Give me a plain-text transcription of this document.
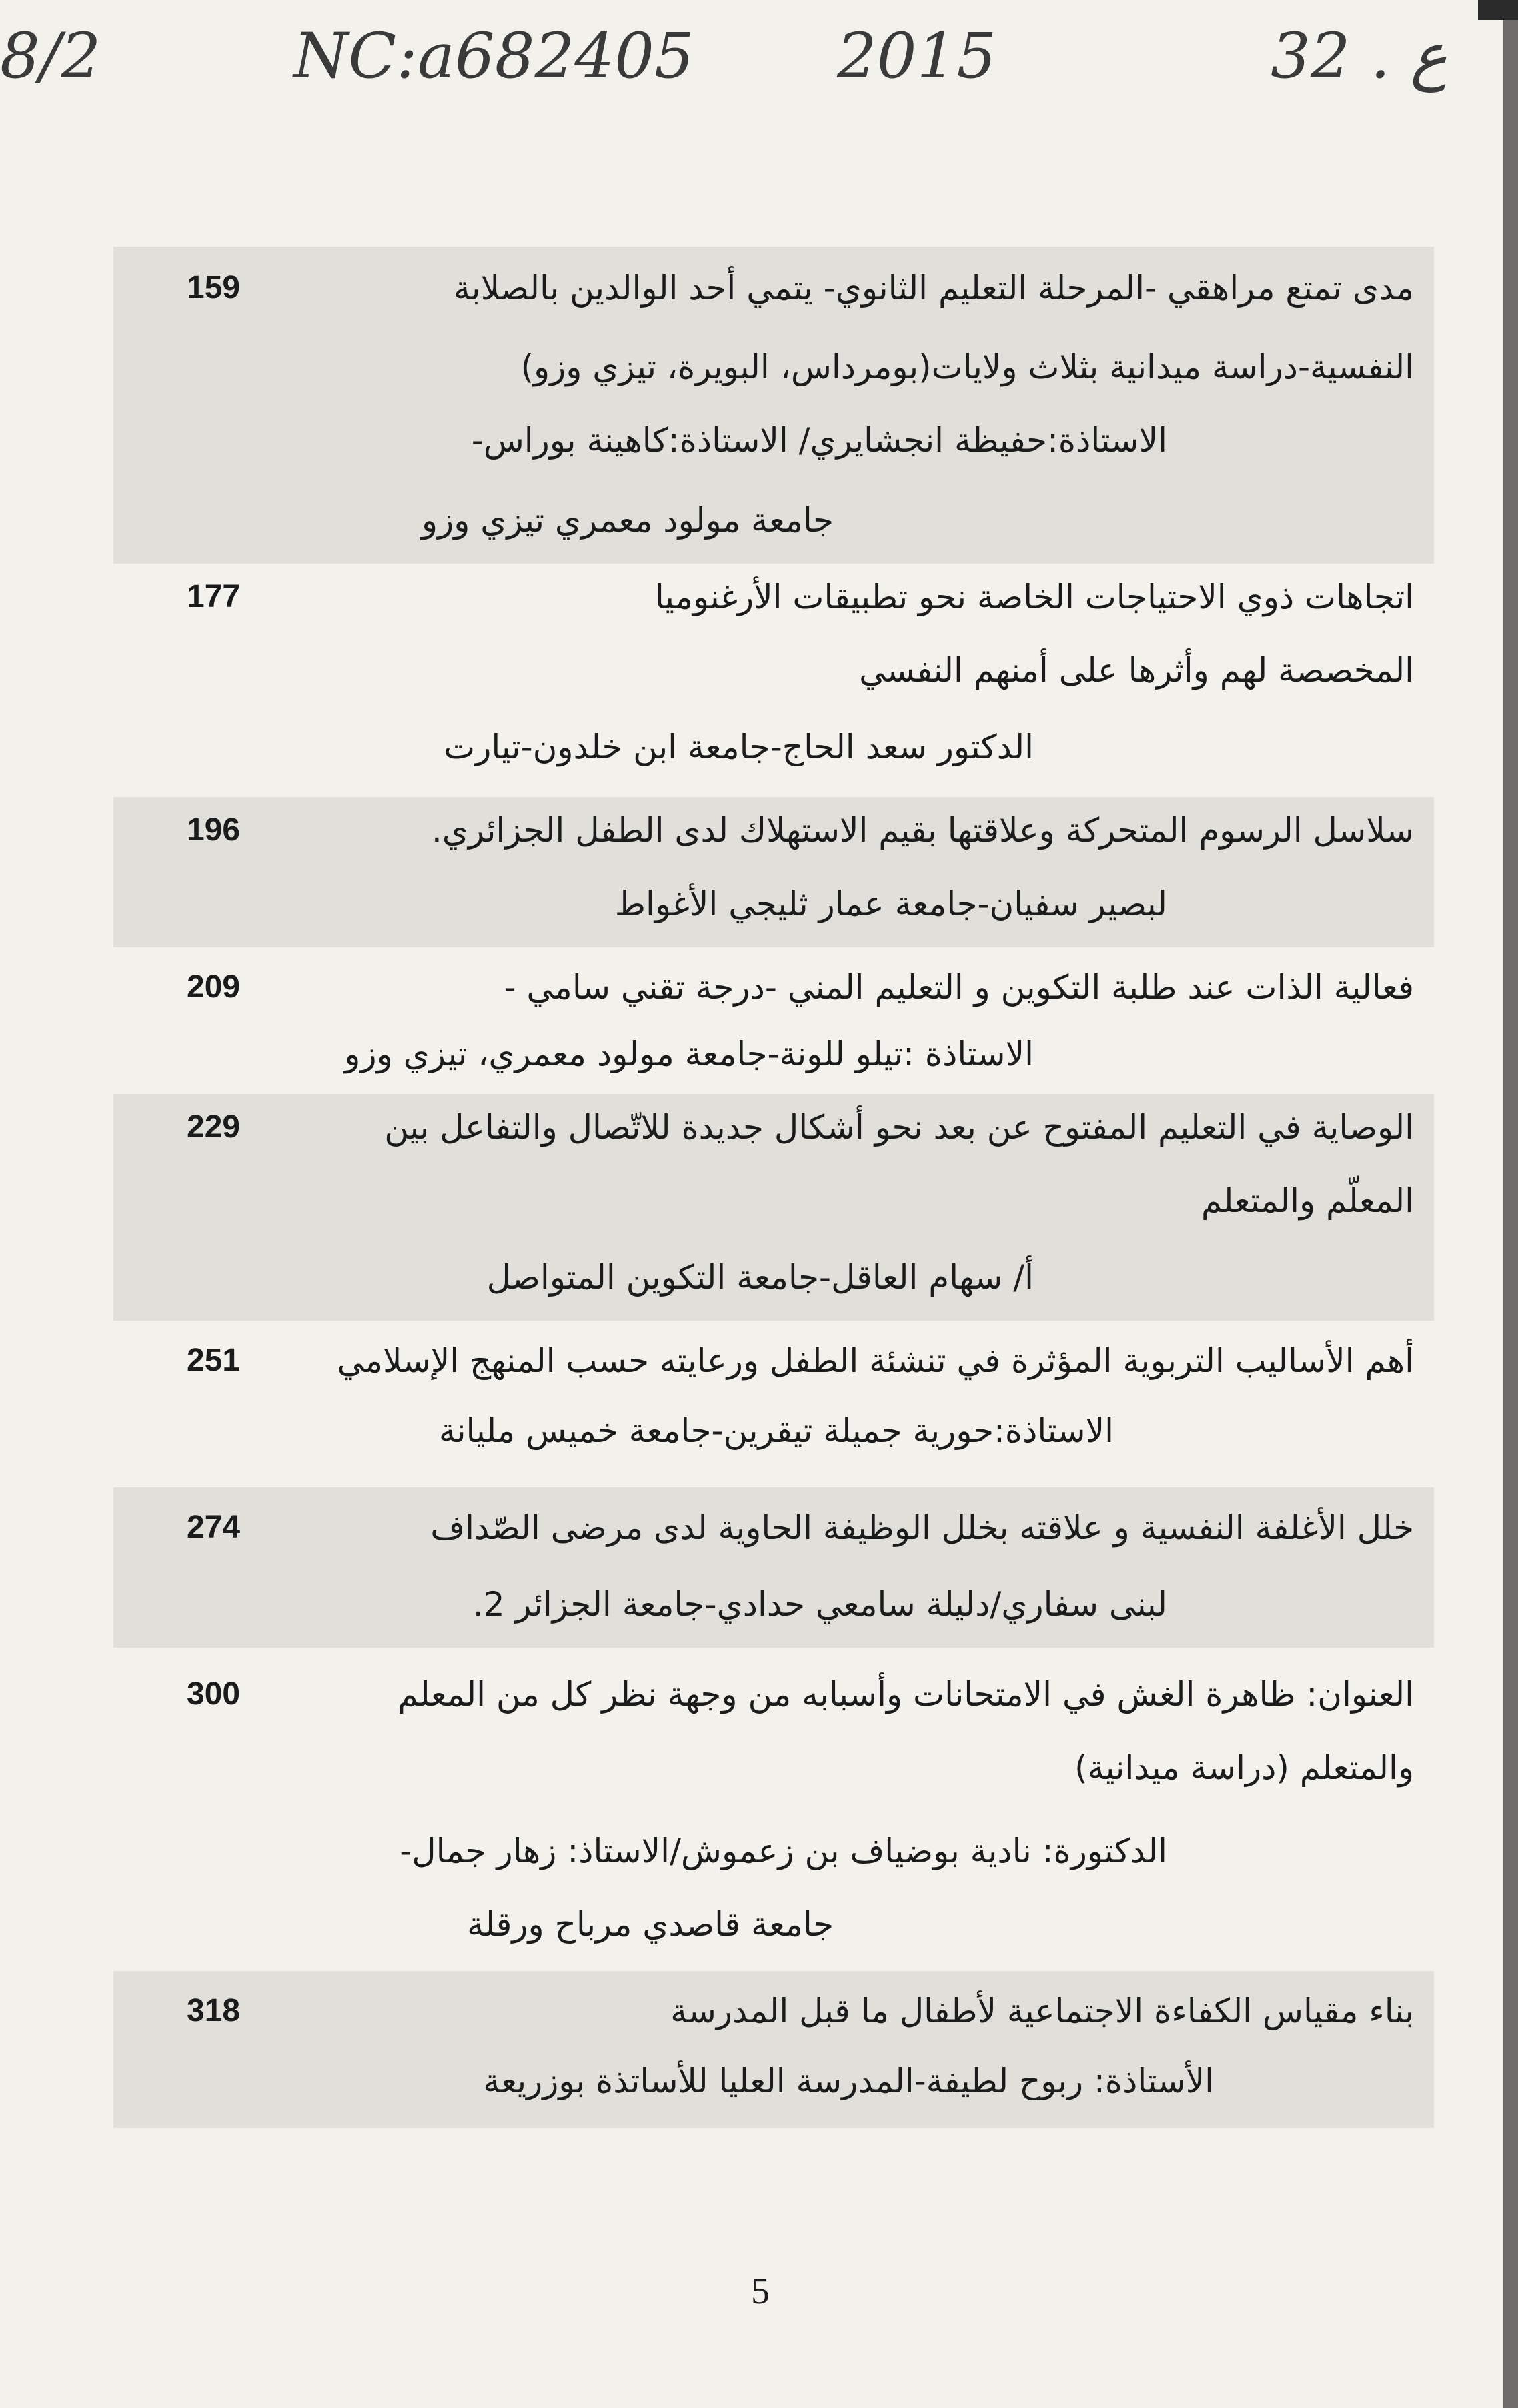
8/2	NC:a682405 2015	32 . ع
159	مدى تمتع مراهقي -المرحلة التعليم الثانوي- يتمي أحد الوالدين بالصلابة
النفسية-دراسة ميدانية بثلاث ولايات(بومرداس، البويرة، تيزي وزو)
الاستاذة:حفيظة انجشايري/ الاستاذة:كاهينة بوراس-
جامعة مولود معمري تيزي وزو
177	اتجاهات ذوي الاحتياجات الخاصة نحو تطبيقات الأرغنوميا
المخصصة لهم وأثرها على أمنهم النفسي
الدكتور سعد الحاج-جامعة ابن خلدون-تيارت
196	سلاسل الرسوم المتحركة وعلاقتها بقيم الاستهلاك لدى الطفل الجزائري.
لبصير سفيان-جامعة عمار ثليجي الأغواط
209	فعالية الذات عند طلبة التكوين و التعليم المني -درجة تقني سامي -
الاستاذة :تيلو للونة-جامعة مولود معمري، تيزي وزو
229	الوصاية في التعليم المفتوح عن بعد نحو أشكال جديدة للاتّصال والتفاعل بين
المعلّم والمتعلم
أ/ سهام العاقل-جامعة التكوين المتواصل
251	أهم الأساليب التربوية المؤثرة في تنشئة الطفل ورعايته حسب المنهج الإسلامي
الاستاذة:حورية جميلة تيقرين-جامعة خميس مليانة
274	خلل الأغلفة النفسية و علاقته بخلل الوظيفة الحاوية لدى مرضى الصّداف
لبنى سفاري/دليلة سامعي حدادي-جامعة الجزائر 2.
300	العنوان: ظاهرة الغش في الامتحانات وأسبابه من وجهة نظر كل من المعلم
والمتعلم (دراسة ميدانية)
الدكتورة: نادية بوضياف بن زعموش/الاستاذ: زهار جمال-
جامعة قاصدي مرباح ورقلة
318	بناء مقياس الكفاءة الاجتماعية لأطفال ما قبل المدرسة
الأستاذة: ربوح لطيفة-المدرسة العليا للأساتذة بوزريعة
5
